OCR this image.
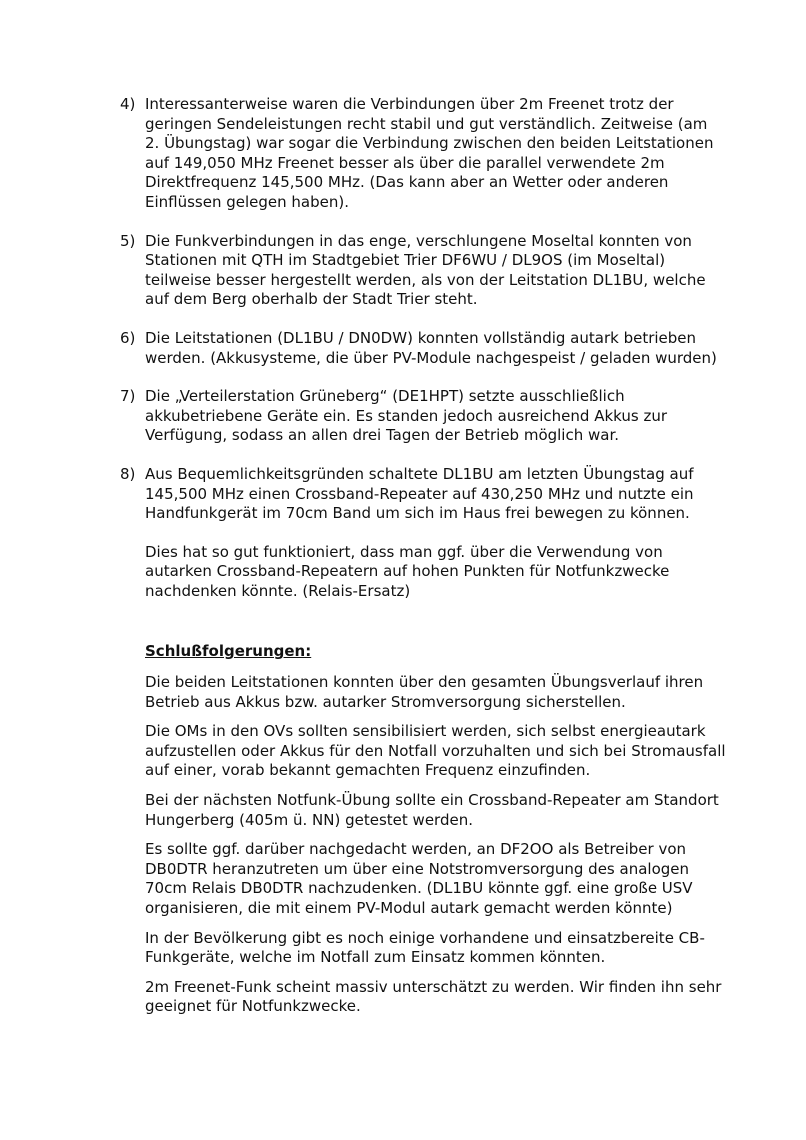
4) Interessanterweise waren die Verbindungen über 2m Freenet trotz der geringen Sendeleistungen recht stabil und gut verständlich. Zeitweise (am 2. Übungstag) war sogar die Verbindung zwischen den beiden Leitstationen auf 149,050 MHz Freenet besser als über die parallel verwendete 2m Direktfrequenz 145,500 MHz. (Das kann aber an Wetter oder anderen Einflüssen gelegen haben).

5) Die Funkverbindungen in das enge, verschlungene Moseltal konnten von Stationen mit QTH im Stadtgebiet Trier DF6WU / DL9OS (im Moseltal) teilweise besser hergestellt werden, als von der Leitstation DL1BU, welche auf dem Berg oberhalb der Stadt Trier steht.

6) Die Leitstationen (DL1BU / DN0DW) konnten vollständig autark betrieben werden. (Akkusysteme, die über PV-Module nachgespeist / geladen wurden)

7) Die „Verteilerstation Grüneberg“ (DE1HPT) setzte ausschließlich akkubetriebene Geräte ein. Es standen jedoch ausreichend Akkus zur Verfügung, sodass an allen drei Tagen der Betrieb möglich war.

8) Aus Bequemlichkeitsgründen schaltete DL1BU am letzten Übungstag auf 145,500 MHz einen Crossband-Repeater auf 430,250 MHz und nutzte ein Handfunkgerät im 70cm Band um sich im Haus frei bewegen zu können.

Dies hat so gut funktioniert, dass man ggf. über die Verwendung von autarken Crossband-Repeatern auf hohen Punkten für Notfunkzwecke nachdenken könnte. (Relais-Ersatz)

Schlußfolgerungen:

Die beiden Leitstationen konnten über den gesamten Übungsverlauf ihren Betrieb aus Akkus bzw. autarker Stromversorgung sicherstellen.

Die OMs in den OVs sollten sensibilisiert werden, sich selbst energieautark aufzustellen oder Akkus für den Notfall vorzuhalten und sich bei Stromausfall auf einer, vorab bekannt gemachten Frequenz einzufinden.

Bei der nächsten Notfunk-Übung sollte ein Crossband-Repeater am Standort Hungerberg (405m ü. NN) getestet werden.

Es sollte ggf. darüber nachgedacht werden, an DF2OO als Betreiber von DB0DTR heranzutreten um über eine Notstromversorgung des analogen 70cm Relais DB0DTR nachzudenken. (DL1BU könnte ggf. eine große USV organisieren, die mit einem PV-Modul autark gemacht werden könnte)

In der Bevölkerung gibt es noch einige vorhandene und einsatzbereite CB-Funkgeräte, welche im Notfall zum Einsatz kommen könnten.

2m Freenet-Funk scheint massiv unterschätzt zu werden. Wir finden ihn sehr geeignet für Notfunkzwecke.
